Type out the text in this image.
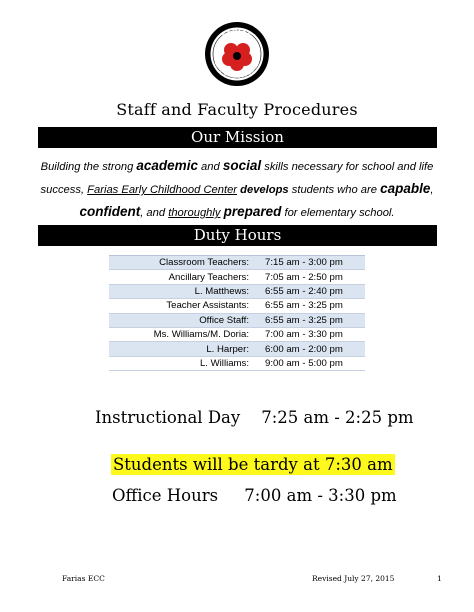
FARIAS
Early Childhood Center
Staff and Faculty Procedures
Our Mission
Building the strong academic and social skills necessary for school and life
success, Farias Early Childhood Center develops students who are capable,
confident, and thoroughly prepared for elementary school.
Duty Hours
Classroom Teachers:	7:15 am - 3:00 pm
Ancillary Teachers:	7:05 am - 2:50 pm
L. Matthews:	6:55 am - 2:40 pm
Teacher Assistants:	6:55 am - 3:25 pm
Office Staff:	6:55 am - 3:25 pm
Ms. Williams/M. Doria:	7:00 am - 3:30 pm
L. Harper:	6:00 am - 2:00 pm
L. Williams:	9:00 am - 5:00 pm
Instructional Day    7:25 am - 2:25 pm
Students will be tardy at 7:30 am
Office Hours     7:00 am - 3:30 pm
Farias ECC	Revised July 27, 2015	1
